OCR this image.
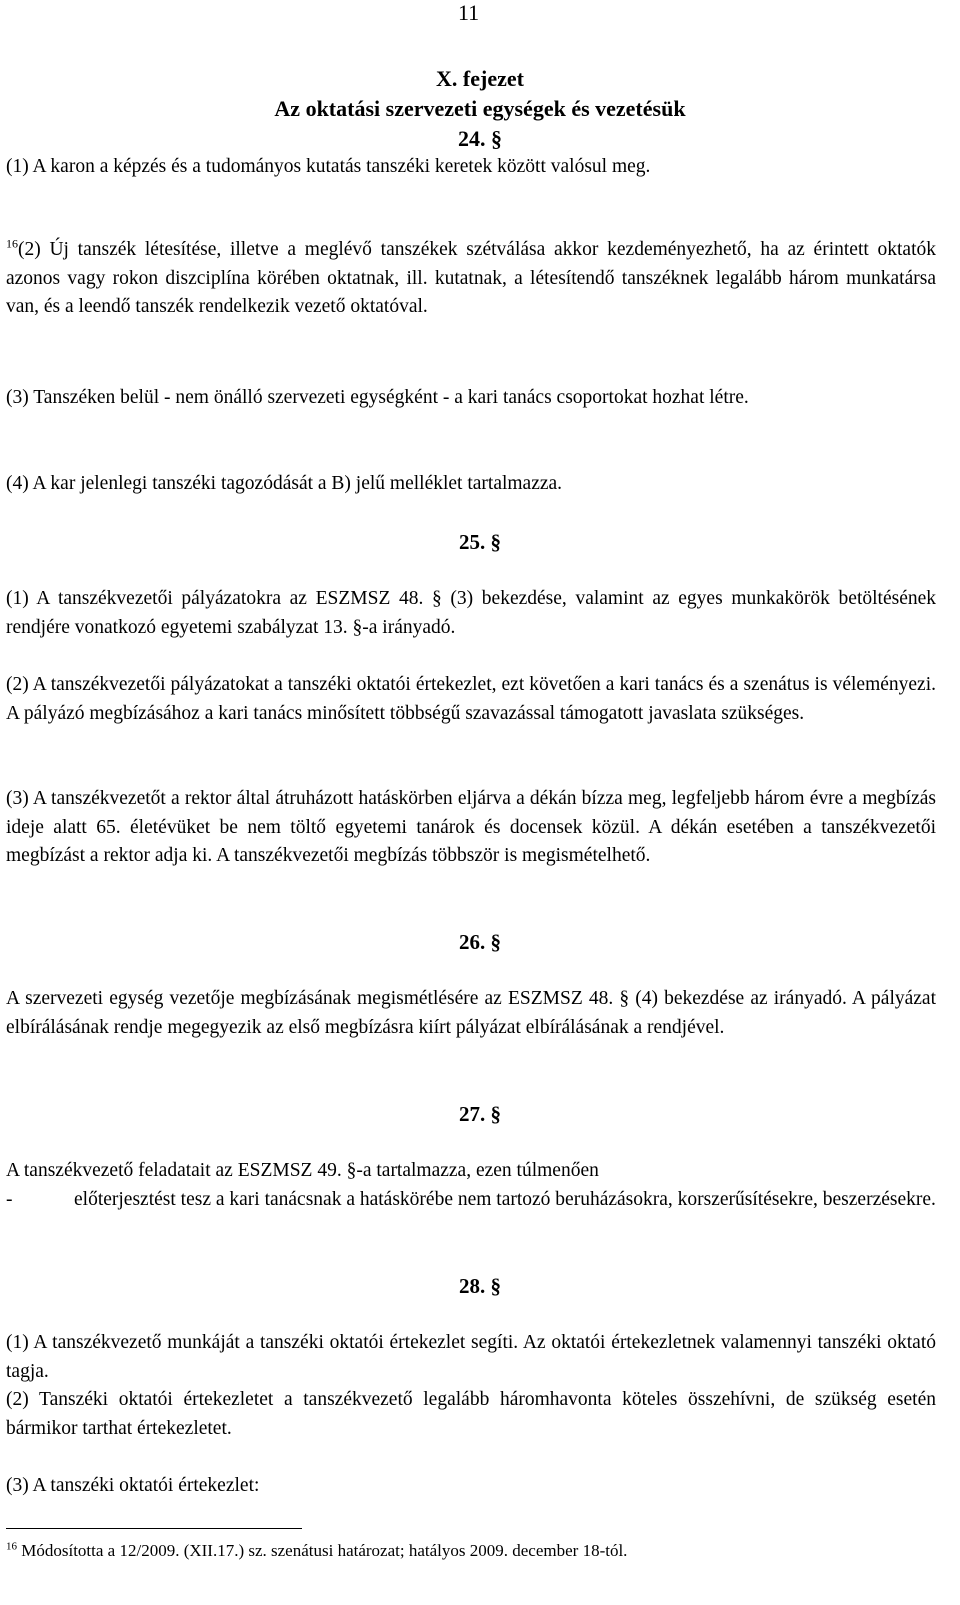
11
X. fejezet
Az oktatási szervezeti egységek és vezetésük
24. §
(1) A karon a képzés és a tudományos kutatás tanszéki keretek között valósul meg.
$^{16}$(2) Új tanszék létesítése, illetve a meglévő tanszékek szétválása akkor kezdeményezhető, ha az érintett oktatók azonos vagy rokon diszciplína körében oktatnak, ill. kutatnak, a létesítendő tanszéknek legalább három munkatársa van, és a leendő tanszék rendelkezik vezető oktatóval.
(3) Tanszéken belül - nem önálló szervezeti egységként - a kari tanács csoportokat hozhat létre.
(4) A kar jelenlegi tanszéki tagozódását a B) jelű melléklet tartalmazza.
25. §
(1) A tanszékvezetői pályázatokra az ESZMSZ 48. § (3) bekezdése, valamint az egyes munkakörök betöltésének rendjére vonatkozó egyetemi szabályzat 13. §-a irányadó.
(2) A tanszékvezetői pályázatokat a tanszéki oktatói értekezlet, ezt követően a kari tanács és a szenátus is véleményezi. A pályázó megbízásához a kari tanács minősített többségű szavazással támogatott javaslata szükséges.
(3) A tanszékvezetőt a rektor által átruházott hatáskörben eljárva a dékán bízza meg, legfeljebb három évre a megbízás ideje alatt 65. életévüket be nem töltő egyetemi tanárok és docensek közül. A dékán esetében a tanszékvezetői megbízást a rektor adja ki. A tanszékvezetői megbízás többször is megismételhető.
26. §
A szervezeti egység vezetője megbízásának megismétlésére az ESZMSZ 48. § (4) bekezdése az irányadó. A pályázat elbírálásának rendje megegyezik az első megbízásra kiírt pályázat elbírálásának a rendjével.
27. §
A tanszékvezető feladatait az ESZMSZ 49. §-a tartalmazza, ezen túlmenően
-	előterjesztést tesz a kari tanácsnak a hatáskörébe nem tartozó beruházásokra, korszerűsítésekre, beszerzésekre.
28. §
(1) A tanszékvezető munkáját a tanszéki oktatói értekezlet segíti. Az oktatói értekezletnek valamennyi tanszéki oktató tagja.
(2) Tanszéki oktatói értekezletet a tanszékvezető legalább háromhavonta köteles összehívni, de szükség esetén bármikor tarthat értekezletet.
(3) A tanszéki oktatói értekezlet:
$^{16}$ Módosította a 12/2009. (XII.17.) sz. szenátusi határozat; hatályos 2009. december 18-tól.
